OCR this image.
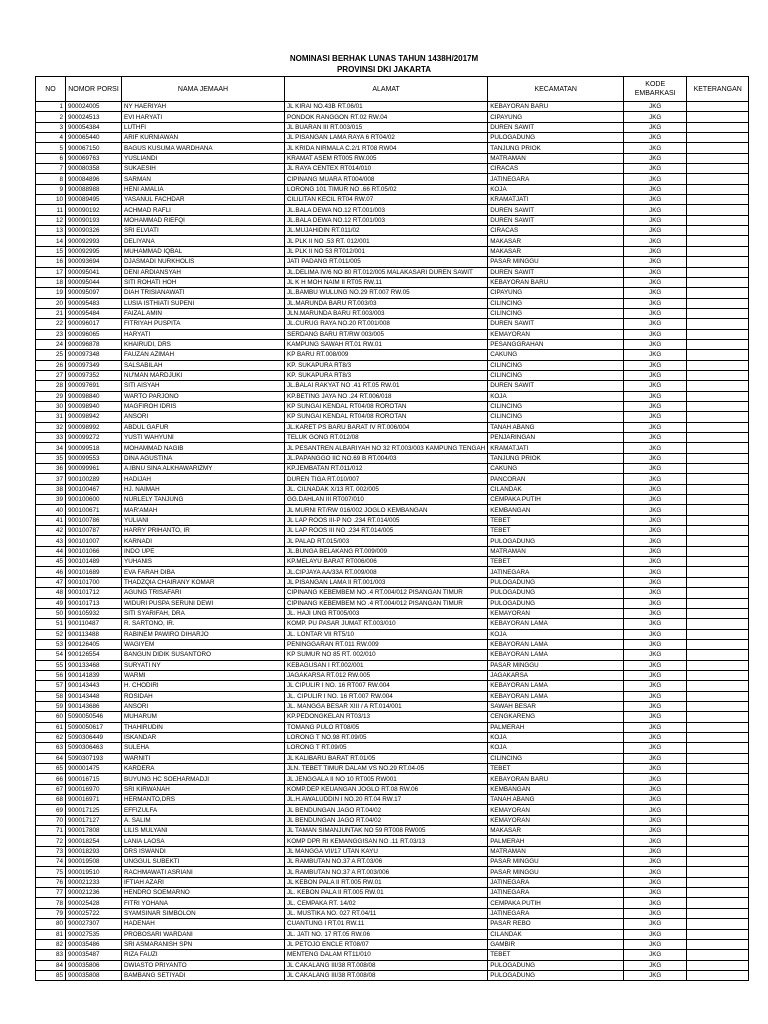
NOMINASI BERHAK LUNAS TAHUN 1438H/2017M
PROVINSI DKI JAKARTA
NO	NOMOR PORSI	NAMA JEMAAH	ALAMAT	KECAMATAN	KODE EMBARKASI	KETERANGAN
1	900024005	NY HAERIYAH	JL KIRAI NO.43B RT.06/01	KEBAYORAN BARU	JKG	
2	900024513	EVI HARYATI	PONDOK RANGGON RT.02 RW.04	CIPAYUNG	JKG	
3	900054384	LUTHFI	JL BUARAN III RT.003/015	DUREN SAWIT	JKG	
4	900065440	ARIF KURNIAWAN	JL PISANGAN LAMA RAYA 6 RT04/02	PULOGADUNG	JKG	
5	900067150	BAGUS KUSUMA WARDHANA	JL KRIDA NIRMALA C.2/1 RT08 RW04	TANJUNG PRIOK	JKG	
6	900069763	YUSLIANDI	KRAMAT ASEM RT005 RW.005	MATRAMAN	JKG	
7	900080358	SUKAESIH	JL RAYA CENTEX RT014/010	CIRACAS	JKG	
8	900084896	SARMAN	CIPINANG MUARA RT004/008	JATINEGARA	JKG	
9	900088988	HENI AMALIA	LORONG 101 TIMUR NO .66 RT.05/02	KOJA	JKG	
10	900089495	YASANUL FACHDAR	CILILITAN KECIL RT04 RW.07	KRAMATJATI	JKG	
11	900090192	ACHMAD RAFLI	JL.BALA DEWA NO.12 RT.001/003	DUREN SAWIT	JKG	
12	900090193	MOHAMMAD RIEFQI	JL.BALA DEWA NO.12 RT.001/003	DUREN SAWIT	JKG	
13	900090326	SRI ELVIATI	JL.MUJAHIDIN RT.011/02	CIRACAS	JKG	
14	900092993	DELIYANA	JL PLK II NO .53 RT. 012/001	MAKASAR	JKG	
15	900092995	MUHAMMAD IQBAL	JL PLK II NO 53 RT012/001	MAKASAR	JKG	
16	900093694	DJASMADI NURKHOLIS	JATI PADANG RT.011/005	PASAR MINGGU	JKG	
17	900095041	DENI ARDIANSYAH	JL.DELIMA IV/6 NO 80 RT.012/005 MALAKASARI DUREN SAWIT	DUREN SAWIT	JKG	
18	900095044	SITI ROHATI HOH	JL K H MOH NAIM II RT05 RW.11	KEBAYORAN BARU	JKG	
19	900095097	DIAH TRISIANAWATI	JL.BAMBU WULUNG NO.29 RT.007 RW.05	CIPAYUNG	JKG	
20	900095483	LUSIA ISTHIATI SUPENI	JL.MARUNDA BARU RT.003/03	CILINCING	JKG	
21	900095484	FAIZAL AMIN	JLN.MARUNDA BARU RT.003/003	CILINCING	JKG	
22	900096017	FITRIYAH PUSPITA	JL.CURUG RAYA NO.20 RT.001/008	DUREN SAWIT	JKG	
23	900096065	HARYATI	SERDANG BARU RT/RW 003/005	KEMAYORAN	JKG	
24	900096878	KHAIRUDI, DRS	KAMPUNG SAWAH RT.01 RW.01	PESANGGRAHAN	JKG	
25	900097348	FAUZAN AZIMAH	KP BARU RT.008/009	CAKUNG	JKG	
26	900097349	SALSABILAH	KP. SUKAPURA RT8/3	CILINCING	JKG	
27	900097352	NU'MAN MARDJUKI	KP. SUKAPURA RT8/3	CILINCING	JKG	
28	900097691	SITI AISYAH	JL.BALAI RAKYAT NO .41 RT.05 RW.01	DUREN SAWIT	JKG	
29	900098840	WARTO PARJONO	KP.BETING JAYA NO .24 RT.006/018	KOJA	JKG	
30	900098940	MAGFIROH IDRIS	KP SUNGAI KENDAL RT04/08 ROROTAN	CILINCING	JKG	
31	900098942	ANSORI	KP SUNGAI KENDAL RT04/08 ROROTAN	CILINCING	JKG	
32	900098992	ABDUL GAFUR	JL.KARET PS BARU BARAT IV RT.006/004	TANAH ABANG	JKG	
33	900099272	YUSTI WAHYUNI	TELUK GONG RT.012/08	PENJARINGAN	JKG	
34	900099518	MOHAMMAD NAGIB	JL PESANTREN ALBARIYAH NO 32 RT.003/003 KAMPUNG TENGAH	KRAMATJATI	JKG	
35	900099553	DINA AGUSTINA	JL.PAPANGGO IIC NO.69 B RT.004/03	TANJUNG PRIOK	JKG	
36	900099961	A.IBNU SINA ALKHAWARIZMY	KP.JEMBATAN RT.011/012	CAKUNG	JKG	
37	900100289	HADIJAH	DUREN TIGA RT.010/007	PANCORAN	JKG	
38	900100467	HJ. NAIMAH	JL. CILNADAK X/13 RT. 002/005	CILANDAK	JKG	
39	900100600	NURLELY TANJUNG	GG.DAHLAN III RT007/010	CEMPAKA PUTIH	JKG	
40	900100671	MAR'AMAH	JL MURNI RT/RW 016/002 JOGLO KEMBANGAN	KEMBANGAN	JKG	
41	900100786	YULIANI	JL LAP ROOS III-P NO .234 RT.014/005	TEBET	JKG	
42	900100787	HARRY PRIHANTO, IR	JL LAP ROOS III NO .234 RT.014/005	TEBET	JKG	
43	900101007	KARNADI	JL PALAD RT.015/003	PULOGADUNG	JKG	
44	900101066	INDO UPE	JL.BUNGA BELAKANG RT.009/009	MATRAMAN	JKG	
45	900101489	YUHANIS	KP.MELAYU BARAT RT006/006	TEBET	JKG	
46	900101689	EVA FARAH DIBA	JL.CIPJAYA AA/33A RT.009/008	JATINEGARA	JKG	
47	900101700	THADZQIA CHAIRANY KOMAR	JL PISANGAN LAMA II RT.001/003	PULOGADUNG	JKG	
48	900101712	AGUNG TRISAFARI	CIPINANG KEBEMBEM NO .4 RT.004/012 PISANGAN TIMUR	PULOGADUNG	JKG	
49	900101713	WIDURI PUSPA SERUNI DEWI	CIPINANG KEBEMBEM NO .4 RT.004/012 PISANGAN TIMUR	PULOGADUNG	JKG	
50	900105932	SITI SYARIFAH, DRA	JL. HAJI UNG RT005/003	KEMAYORAN	JKG	
51	900110487	R. SARTONO, IR.	KOMP. PU PASAR JUMAT RT.003/010	KEBAYORAN LAMA	JKG	
52	900113488	RABINEM PAWIRO DIHARJO	JL. LONTAR VII RT5/10	KOJA	JKG	
53	900126405	WAGIYEM	PENINGGARAN RT.011 RW.009	KEBAYORAN LAMA	JKG	
54	900126554	BANGUN DIDIK SUSANTORO	KP SUMUR NO 85 RT. 002/010	KEBAYORAN LAMA	JKG	
55	900133468	SURYATI NY	KEBAGUSAN I RT.002/001	PASAR MINGGU	JKG	
56	900141839	WARMI	JAGAKARSA RT.012 RW.005	JAGAKARSA	JKG	
57	900143443	H. CHODIRI	JL CIPULIR I NO. 16 RT007 RW.004	KEBAYORAN LAMA	JKG	
58	900143448	ROSIDAH	JL. CIPULIR I NO. 16 RT.007 RW.004	KEBAYORAN LAMA	JKG	
59	900143686	ANSORI	JL. MANGGA BESAR XIII / A RT.014/001	SAWAH BESAR	JKG	
60	5090050546	MUHARUM	KP.PEDONGKELAN RT03/13	CENGKARENG	JKG	
61	5090050617	THAHIRUDIN	TOMANG PULO RT08/05	PALMERAH	JKG	
62	5090306449	ISKANDAR	LORONG T NO.98 RT.09/05	KOJA	JKG	
63	5090306463	SULEHA	LORONG T RT.09/05	KOJA	JKG	
64	5090307193	WARNITI	JL KALIBARU BARAT RT.01/05	CILINCING	JKG	
65	900001475	KARDERA	JLN. TEBET TIMUR DALAM VS NO.29 RT.04-05	TEBET	JKG	
66	900016715	BUYUNG HC SOEHARMADJI	JL JENGGALA II NO 10 RT005 RW001	KEBAYORAN BARU	JKG	
67	900016970	SRI KIRWANAH	KOMP.DEP KEUANGAN JOGLO RT.08 RW.06	KEMBANGAN	JKG	
68	900016971	HERMANTO,DRS	JL.H.AWALUDDIN I NO.20 RT.04 RW.17	TANAH ABANG	JKG	
69	900017125	EFFIZULFA	JL BENDUNGAN JAGO RT.04/02	KEMAYORAN	JKG	
70	900017127	A. SALIM	JL BENDUNGAN JAGO RT.04/02	KEMAYORAN	JKG	
71	900017808	LILIS MULYANI	JL TAMAN SIMANJUNTAK NO 59 RT008 RW005	MAKASAR	JKG	
72	900018254	LANIA LAOSA	KOMP DPR RI KEMANGGISAN NO .11 RT.03/13	PALMERAH	JKG	
73	900018293	DRS ISWANDI	JL MANGGA VII/17 UTAN KAYU	MATRAMAN	JKG	
74	900019508	UNGGUL SUBEKTI	JL RAMBUTAN NO.37 A RT.03/06	PASAR MINGGU	JKG	
75	900019510	RACHMAWATI ASRIANI	JL RAMBUTAN NO.37 A RT.003/006	PASAR MINGGU	JKG	
76	900021233	IFTIAH AZARI	JL KEBON PALA II RT.005 RW.01	JATINEGARA	JKG	
77	900021236	HENDRO SOEMARNO	JL. KEBON PALA II RT.005 RW.01	JATINEGARA	JKG	
78	900025428	FITRI YOHANA	JL. CEMPAKA RT. 14/02	CEMPAKA PUTIH	JKG	
79	900025722	SYAMSINAR SIMBOLON	JL. MUSTIKA NO. 027 RT.04/11	JATINEGARA	JKG	
80	900027307	HADENAH	CUANTUNG I RT.01 RW.11	PASAR REBO	JKG	
81	900027535	PROBOSARI WARDANI	JL. JATI NO. 17 RT.05 RW.06	CILANDAK	JKG	
82	900035486	SRI ASMARANISH SPN	JL PETOJO ENCLE RT08/07	GAMBIR	JKG	
83	900035487	RIZA FAUZI	MENTENG DALAM RT11/010	TEBET	JKG	
84	900035806	DWIASTO PRIYANTO	JL CAKALANG III/38 RT.008/08	PULOGADUNG	JKG	
85	900035808	BAMBANG SETIYADI	JL CAKALANG III/38 RT.008/08	PULOGADUNG	JKG	
